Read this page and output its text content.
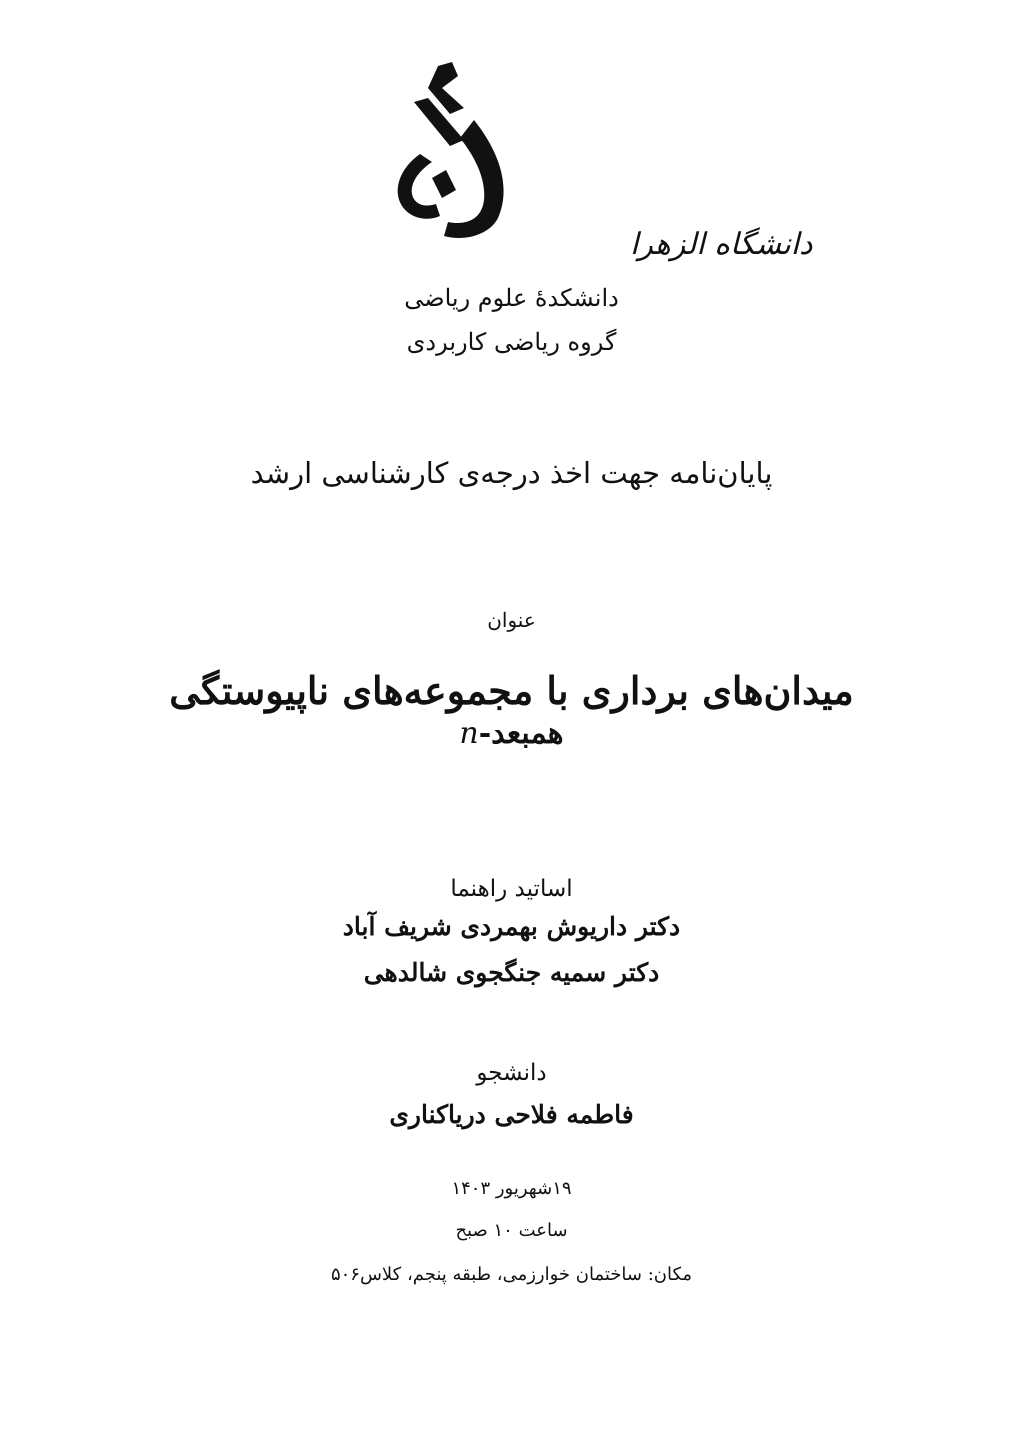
دانشگاه الزهرا
دانشکدهٔ علوم ریاضی
گروه ریاضی کاربردی
پایان‌نامه جهت اخذ درجه‌ی کارشناسی ارشد
عنوان
میدان‌های برداری با مجموعه‌های ناپیوستگی
همبعد-n
اساتید راهنما
دکتر داریوش بهمردی شریف آباد
دکتر سمیه جنگجوی شالدهی
دانشجو
فاطمه فلاحی دریاکناری
۱۹شهریور ۱۴۰۳
ساعت ۱۰ صبح
مکان: ساختمان خوارزمی، طبقه پنجم، کلاس۵۰۶
